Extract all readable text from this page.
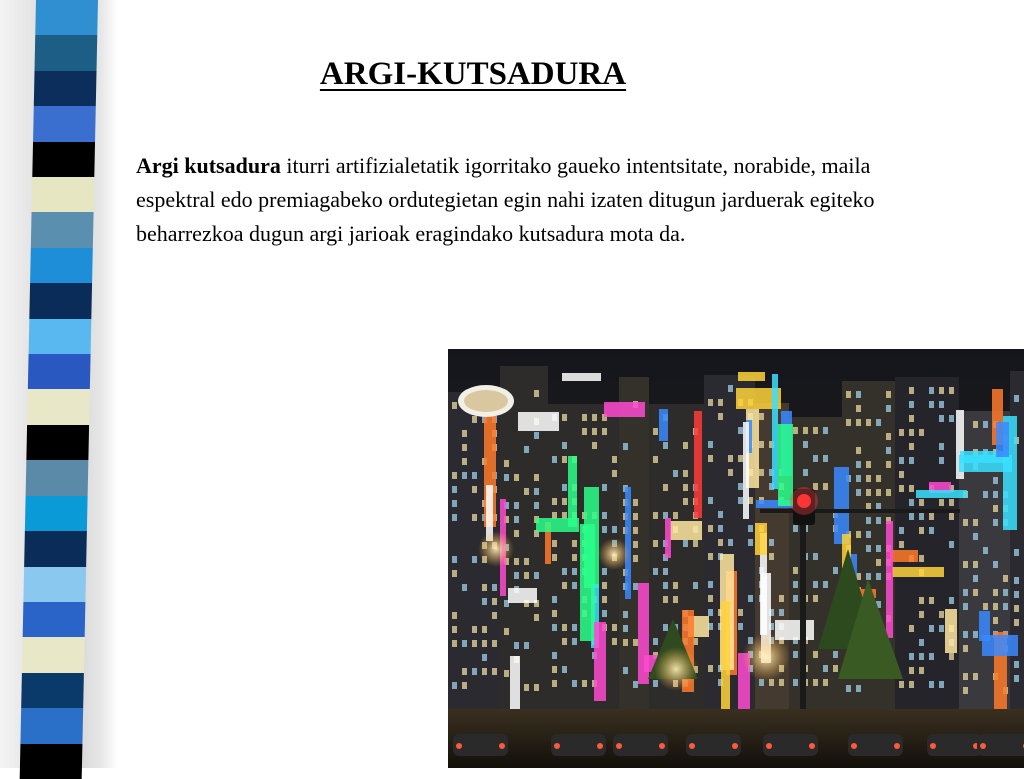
ARGI-KUTSADURA

Argi kutsadura iturri artifizialetatik igorritako gaueko intentsitate, norabide, maila espektral edo premiagabeko ordutegietan egin nahi izaten ditugun jarduerak egiteko beharrezkoa dugun argi jarioak eragindako kutsadura mota da.
